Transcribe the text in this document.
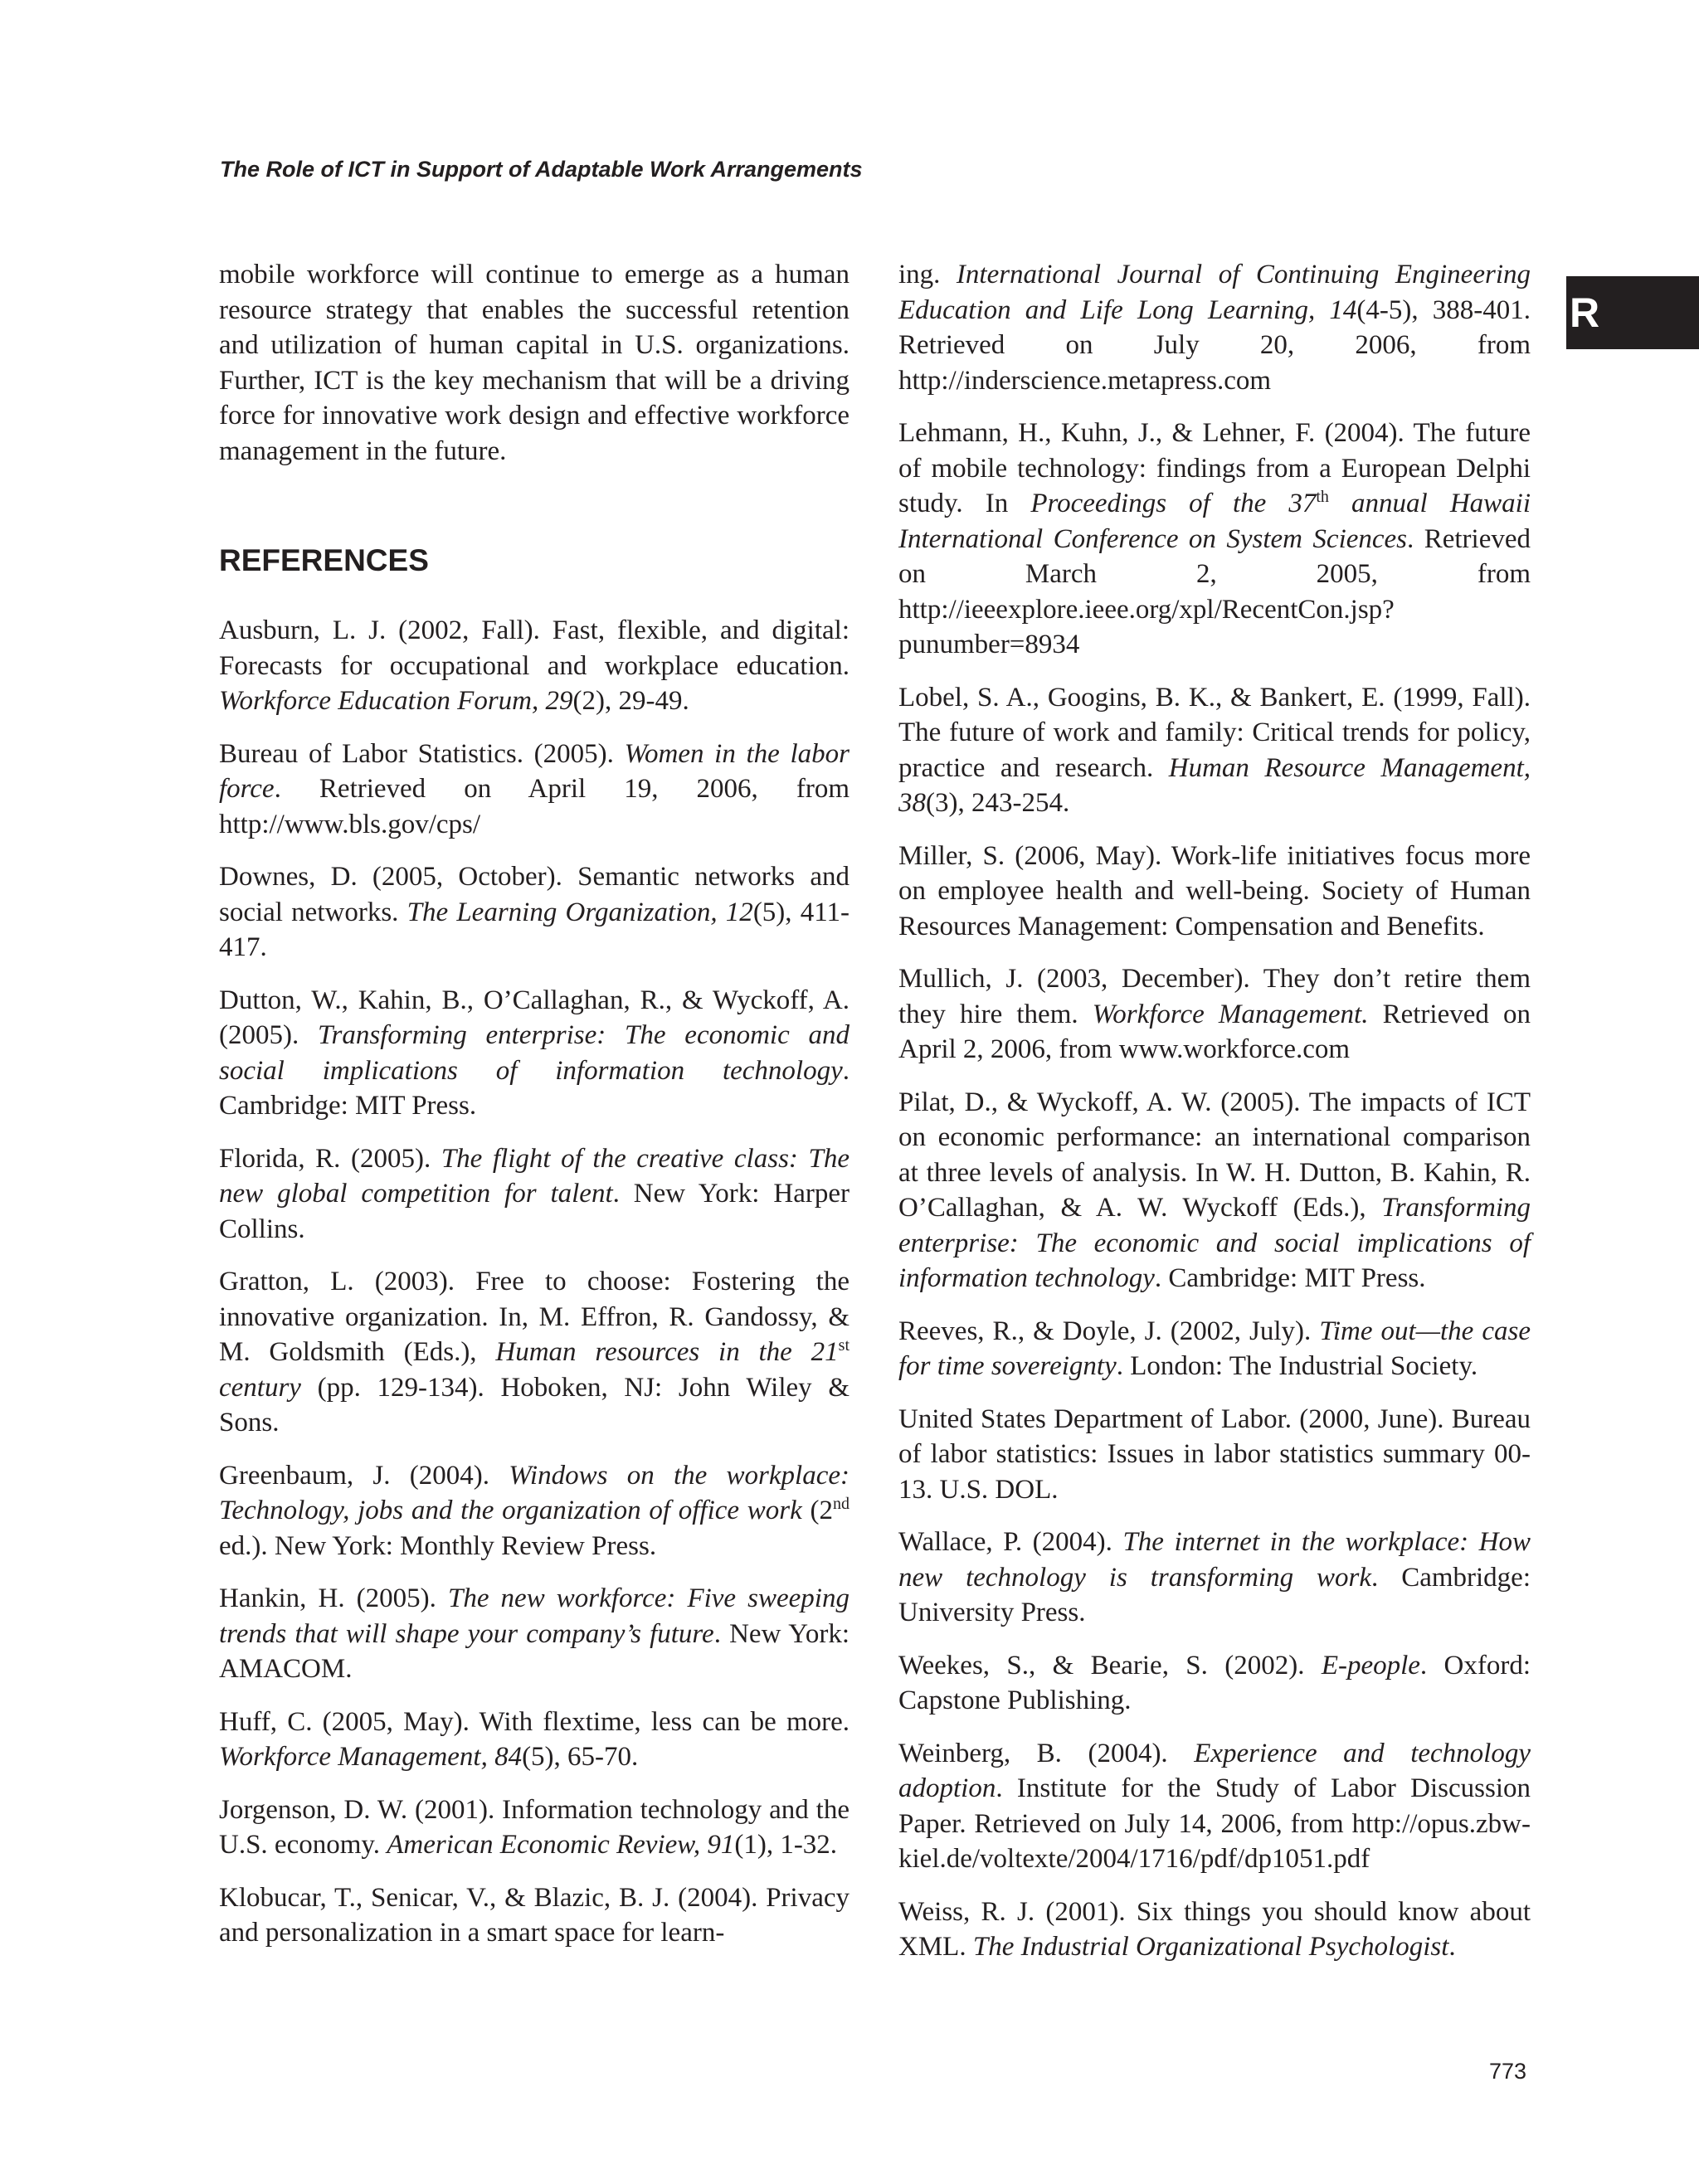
The Role of ICT in Support of Adaptable Work Arrangements

R

mobile workforce will continue to emerge as a human resource strategy that enables the successful retention and utilization of human capital in U.S. organizations. Further, ICT is the key mechanism that will be a driving force for innovative work design and effective workforce management in the future.

REFERENCES

Ausburn, L. J. (2002, Fall). Fast, flexible, and digital: Forecasts for occupational and workplace education. Workforce Education Forum, 29(2), 29-49.

Bureau of Labor Statistics. (2005). Women in the labor force. Retrieved on April 19, 2006, from http://www.bls.gov/cps/

Downes, D. (2005, October). Semantic networks and social networks. The Learning Organization, 12(5), 411-417.

Dutton, W., Kahin, B., O’Callaghan, R., & Wyckoff, A. (2005). Transforming enterprise: The economic and social implications of information technology. Cambridge: MIT Press.

Florida, R. (2005). The flight of the creative class: The new global competition for talent. New York: Harper Collins.

Gratton, L. (2003). Free to choose: Fostering the innovative organization. In, M. Effron, R. Gandossy, & M. Goldsmith (Eds.), Human resources in the 21st century (pp. 129-134). Hoboken, NJ: John Wiley & Sons.

Greenbaum, J. (2004). Windows on the workplace: Technology, jobs and the organization of office work (2nd ed.). New York: Monthly Review Press.

Hankin, H. (2005). The new workforce: Five sweeping trends that will shape your company’s future. New York: AMACOM.

Huff, C. (2005, May). With flextime, less can be more. Workforce Management, 84(5), 65-70.

Jorgenson, D. W. (2001). Information technology and the U.S. economy. American Economic Review, 91(1), 1-32.

Klobucar, T., Senicar, V., & Blazic, B. J. (2004). Privacy and personalization in a smart space for learn-

ing. International Journal of Continuing Engineering Education and Life Long Learning, 14(4-5), 388-401. Retrieved on July 20, 2006, from http://inderscience.metapress.com

Lehmann, H., Kuhn, J., & Lehner, F. (2004). The future of mobile technology: findings from a European Delphi study. In Proceedings of the 37th annual Hawaii International Conference on System Sciences. Retrieved on March 2, 2005, from http://ieeexplore.ieee.org/xpl/RecentCon.jsp?punumber=8934

Lobel, S. A., Googins, B. K., & Bankert, E. (1999, Fall). The future of work and family: Critical trends for policy, practice and research. Human Resource Management, 38(3), 243-254.

Miller, S. (2006, May). Work-life initiatives focus more on employee health and well-being. Society of Human Resources Management: Compensation and Benefits.

Mullich, J. (2003, December). They don’t retire them they hire them. Workforce Management. Retrieved on April 2, 2006, from www.workforce.com

Pilat, D., & Wyckoff, A. W. (2005). The impacts of ICT on economic performance: an international comparison at three levels of analysis. In W. H. Dutton, B. Kahin, R. O’Callaghan, & A. W. Wyckoff (Eds.), Transforming enterprise: The economic and social implications of information technology. Cambridge: MIT Press.

Reeves, R., & Doyle, J. (2002, July). Time out—the case for time sovereignty. London: The Industrial Society.

United States Department of Labor. (2000, June). Bureau of labor statistics: Issues in labor statistics summary 00-13. U.S. DOL.

Wallace, P. (2004). The internet in the workplace: How new technology is transforming work. Cambridge: University Press.

Weekes, S., & Bearie, S. (2002). E-people. Oxford: Capstone Publishing.

Weinberg, B. (2004). Experience and technology adoption. Institute for the Study of Labor Discussion Paper. Retrieved on July 14, 2006, from http://opus.zbw-kiel.de/voltexte/2004/1716/pdf/dp1051.pdf

Weiss, R. J. (2001). Six things you should know about XML. The Industrial Organizational Psychologist.

773
